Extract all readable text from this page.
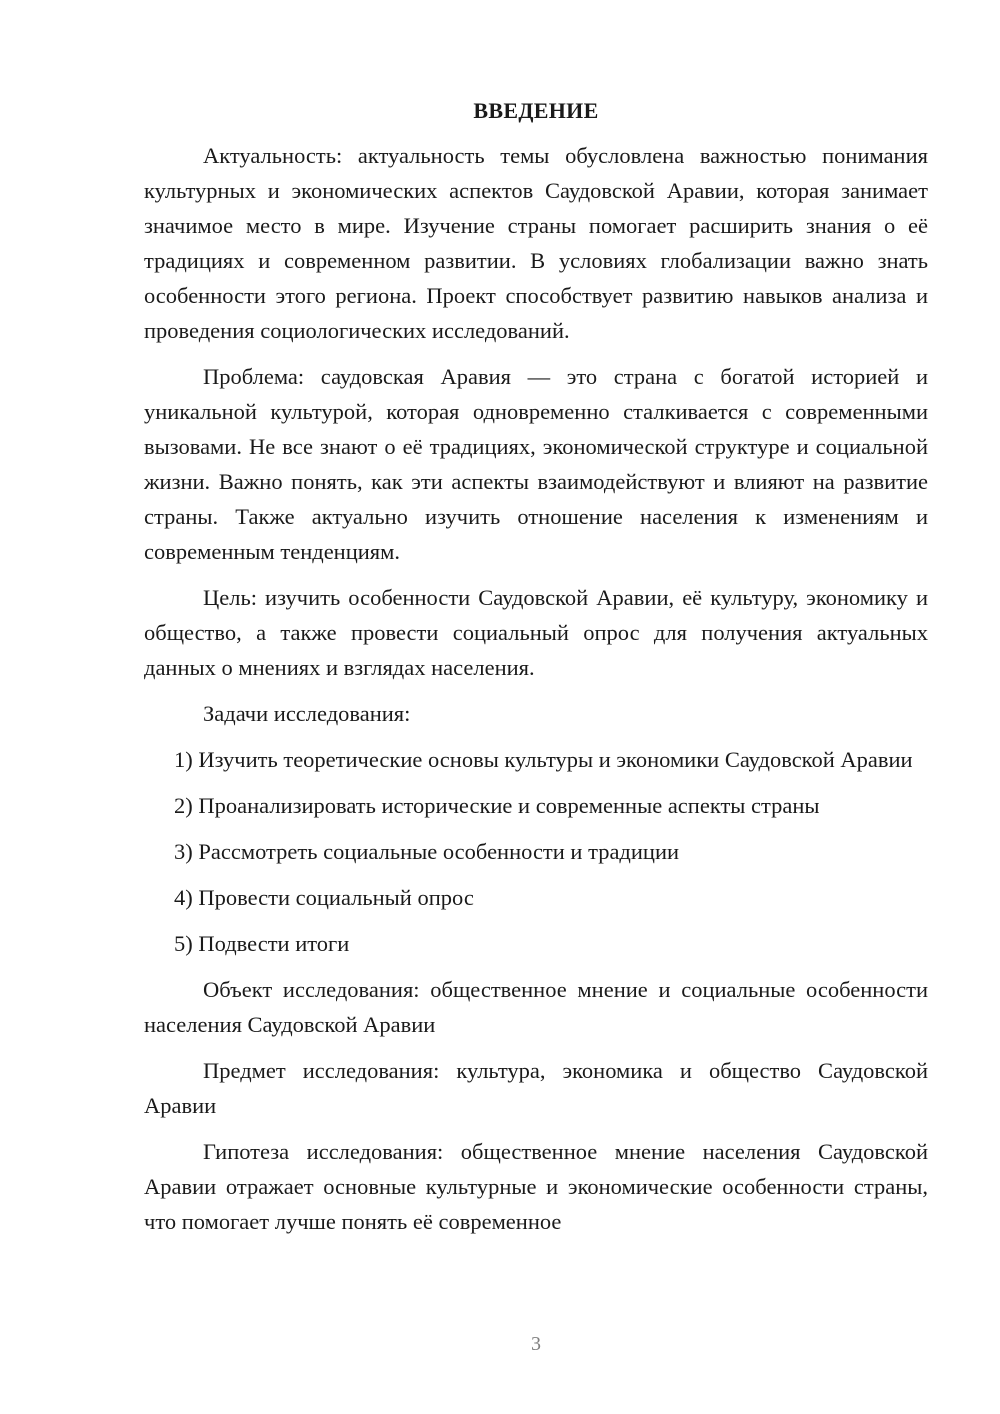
ВВЕДЕНИЕ

Актуальность: актуальность темы обусловлена важностью понимания культурных и экономических аспектов Саудовской Аравии, которая занимает значимое место в мире. Изучение страны помогает расширить знания о её традициях и современном развитии. В условиях глобализации важно знать особенности этого региона. Проект способствует развитию навыков анализа и проведения социологических исследований.

Проблема: саудовская Аравия — это страна с богатой историей и уникальной культурой, которая одновременно сталкивается с современными вызовами. Не все знают о её традициях, экономической структуре и социальной жизни. Важно понять, как эти аспекты взаимодействуют и влияют на развитие страны. Также актуально изучить отношение населения к изменениям и современным тенденциям.

Цель: изучить особенности Саудовской Аравии, её культуру, экономику и общество, а также провести социальный опрос для получения актуальных данных о мнениях и взглядах населения.

Задачи исследования:

1 ) Изучить теоретические основы культуры и экономики Саудовской Аравии
2 ) Проанализировать исторические и современные аспекты страны
3 ) Рассмотреть социальные особенности и традиции
4 ) Провести социальный опрос
5 ) Подвести итоги

Объект исследования: общественное мнение и социальные особенности населения Саудовской Аравии

Предмет исследования: культура, экономика и общество Саудовской Аравии

Гипотеза исследования: общественное мнение населения Саудовской Аравии отражает основные культурные и экономические особенности страны, что помогает лучше понять её современное

3
